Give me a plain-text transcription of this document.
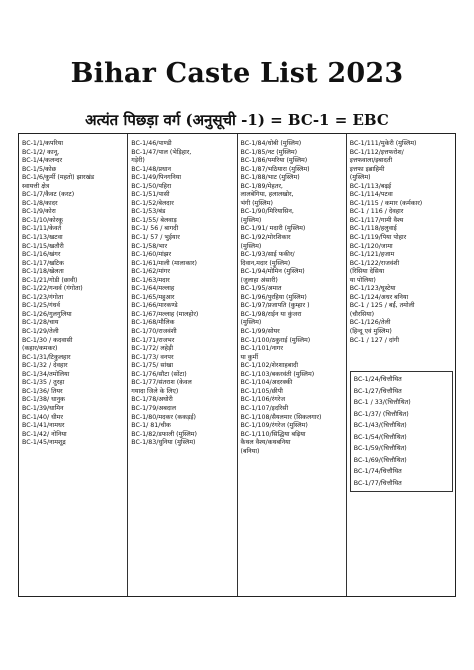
Bihar Caste List 2023
अत्यंत पिछड़ा वर्ग (अनुसूची -1) = BC-1 = EBC
BC-1/1/कपरिया
BC-1/2/ कानू,
BC-1/4/कलन्दर
BC-1/5/कोछ
BC-1/6/कुर्मी (महतो) झारखंड
स्वायत्ती क्षेत्र
BC-1/7/कैवट (करट)
BC-1/8/कादर
BC-1/9/कोरा
BC-1/10/कोरकू
BC-1/11/केवर्त
BC-1/13/खटवा
BC-1/15/खतौरी
BC-1/16/खंगर
BC-1/17/खटिक
BC-1/18/खेलता
BC-1/21/गोडी (छावी)
BC-1/22/गन्धर्व (गंगोता)
BC-1/23/गंगोता
BC-1/25/गंधर्व
BC-1/26/गुलगुलिया
BC-1/28/चाय
BC-1/29/तेली
BC-1/30 / कदवासी
(कहार/कमकर)
BC-1/31/टिकुलहार
BC-1/32 / देवहार
BC-1/34/तमोलिया
BC-1/35 / तुरहा
BC-1/36/ तियर
BC-1/38/ धानुक
BC-1/39/धामिन
BC-1/40/ धीमर
BC-1/41/नामधर
BC-1/42/ नोनिया
BC-1/45/नामशूद्र
BC-1/46/पाण्डी
BC-1/47/पाल (भेड़िहार,
गड़ेरी)
BC-1/48/प्रधान
BC-1/49/पिनगनिया
BC-1/50/पहिरा
BC-1/51/पासी
BC-1/52/बेलदार
BC-1/53/बंड
BC-1/55/ बेलवाड़
BC-1/ 56 / बागदी
BC-1/ 57 / भुईयार
BC-1/58/भार
BC-1/60/मांझर
BC-1/61/माली (मालाकार)
BC-1/62/मांगर
BC-1/63/मदार
BC-1/64/मल्लाह
BC-1/65/महुआर
BC-1/66/मारकण्डे
BC-1/67/मल्लाह (मालहोर)
BC-1/68/मौलिक
BC-1/70/राजवंशी
BC-1/71/राजभर
BC-1/72/ लहेड़ी
BC-1/73/ वनपर
BC-1/75/ सांखा
BC-1/76/सौटा (सोंटा)
BC-1/77/संतराश (केवल
गयादा जिले के लिए)
BC-1/78/अघोरी
BC-1/79/अबदाल
BC-1/80/मदकर (ककड़ई)
BC-1/ 81/चीक
BC-1/82/डफाली (मुस्लिम)
BC-1/83/धुनिया (मुस्लिम)
BC-1/84/धोबी (मुस्लिम)
BC-1/85/नट (मुस्लिम)
BC-1/86/पमरिया (मुस्लिम)
BC-1/87/भठियारा (मुस्लिम)
BC-1/88/भाट (मुस्लिम)
BC-1/89/मेहतर,
लालबेगिया, हलालखोर,
भंगी (मुस्लिम)
BC-1/90/मिरियासिन,
(मुस्लिम)
BC-1/91/ मदारी (मुस्लिम)
BC-1/92/मोरशिकार
(मुस्लिम)
BC-1/93/साई फकीर/
दिवान,मदार (मुस्लिम)
BC-1/94/मोमिन (मुस्लिम)
(जुलाहा अंसारी)
BC-1/95/अमात
BC-1/96/पुरहिया (मुस्लिम)
BC-1/97/प्रजापति (कुम्हार )
BC-1/98/राईन या कुंजरा
(मुस्लिम)
BC-1/99/सोयर
BC-1/100/ठकुराई (मुस्लिम)
BC-1/101/नागर
या कुर्मी
BC-1/102/शेरशाहबादी
BC-1/103/बकरवंती (मुस्लिम)
BC-1/104/अदरक्की
BC-1/105/छीपी
BC-1/106/रंगरेज
BC-1/107/इदरिसी
BC-1/108/सैयलमार (सिकलगार)
BC-1/109/रंगरेज (मुस्लिम)
BC-1/110/सिद्धिया बढ़िया
कैथल वैश्य/कथबनिया
(बनिया)
BC-1/111/मुकेरी (मुस्लिम)
BC-1/112/इत्तफरोश/
इत्तफवाला/इबादती
इत्तफा इब्राहिमी
(मुस्लिम)
BC-1/113/बढ़ई
BC-1/114/पटवा
BC-1/115 / कमार (कर्मकार)
BC-1 / 116 / देवहार
BC-1/117/गामी वैश्य
BC-1/118/हलुवाई
BC-1/119/पिया पोहार
BC-1/120/जामा
BC-1/121/हजाम
BC-1/122/राजवंशी
(रिसिया देसिया
या पोलिया)
BC-1/123/घूस्टेया
BC-1/124/अधर बनिया
BC-1 / 125 / बर्ई, तमोली
(चौरसिया)
BC-1/126/तेली
(हिन्दू एवं मुस्लिम)
BC-1 / 127 / दांगी
BC-1/24/चित्तौथित
BC-1/27/चित्तौथित
BC-1 / 33/(चित्तौथित)
BC-1/37/ (चित्तौथित)
BC-1/43/(चित्तौथित)
BC-1/54/(चित्तौथित)
BC-1/59/(चित्तौथित)
BC-1/69/(चित्तौथित)
BC-1/74/चित्तौथित
BC-1/77/चित्तौथित
